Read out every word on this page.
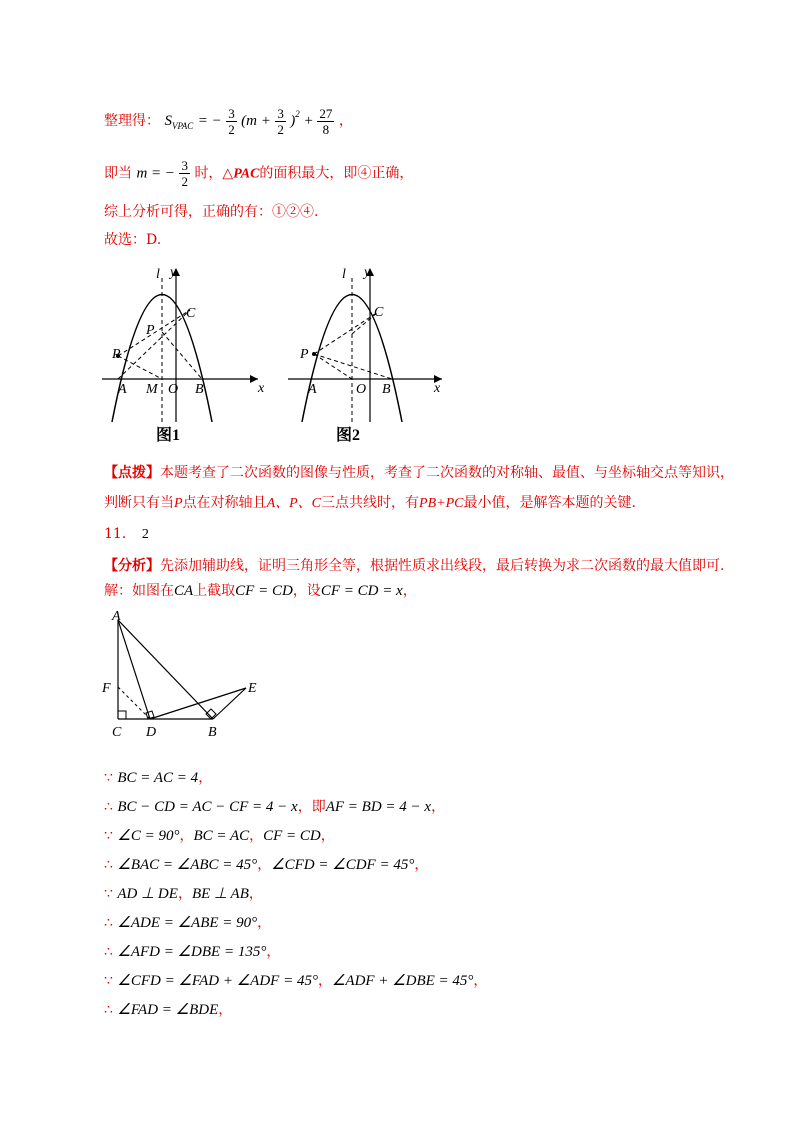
整理得： $S_{VPAC}$ = − $\frac{3}{2} (m + \frac{3}{2} )^2 + \frac{27}{8}$ ，
即当 m = − $\frac{3}{2}$ 时，△PAC的面积最大，即④正确，
综上分析可得，正确的有：①②④.
故选：D.
l y
x
C
P
P
A M O B
图1
l y
x
C
P
A	O B
图2
【点拨】本题考查了二次函数的图像与性质，考查了二次函数的对称轴、最值、与坐标轴交点等知识，
判断只有当P点在对称轴且A、P、C三点共线时，有PB+PC最小值，是解答本题的关键.
11． 2
【分析】先添加辅助线，证明三角形全等，根据性质求出线段，最后转换为求二次函数的最大值即可.
解：如图在CA上截取CF = CD，设CF = CD = x，
A
F
C D	B
E
∵ BC = AC = 4，
∴ BC − CD = AC − CF = 4 − x，即AF = BD = 4 − x，
∵ ∠C = 90°，BC = AC，CF = CD，
∴ ∠BAC = ∠ABC = 45°，∠CFD = ∠CDF = 45°，
∵ AD ⊥ DE，BE ⊥ AB，
∴ ∠ADE = ∠ABE = 90°，
∴ ∠AFD = ∠DBE = 135°，
∵ ∠CFD = ∠FAD + ∠ADF = 45°，∠ADF + ∠DBE = 45°，
∴ ∠FAD = ∠BDE，
